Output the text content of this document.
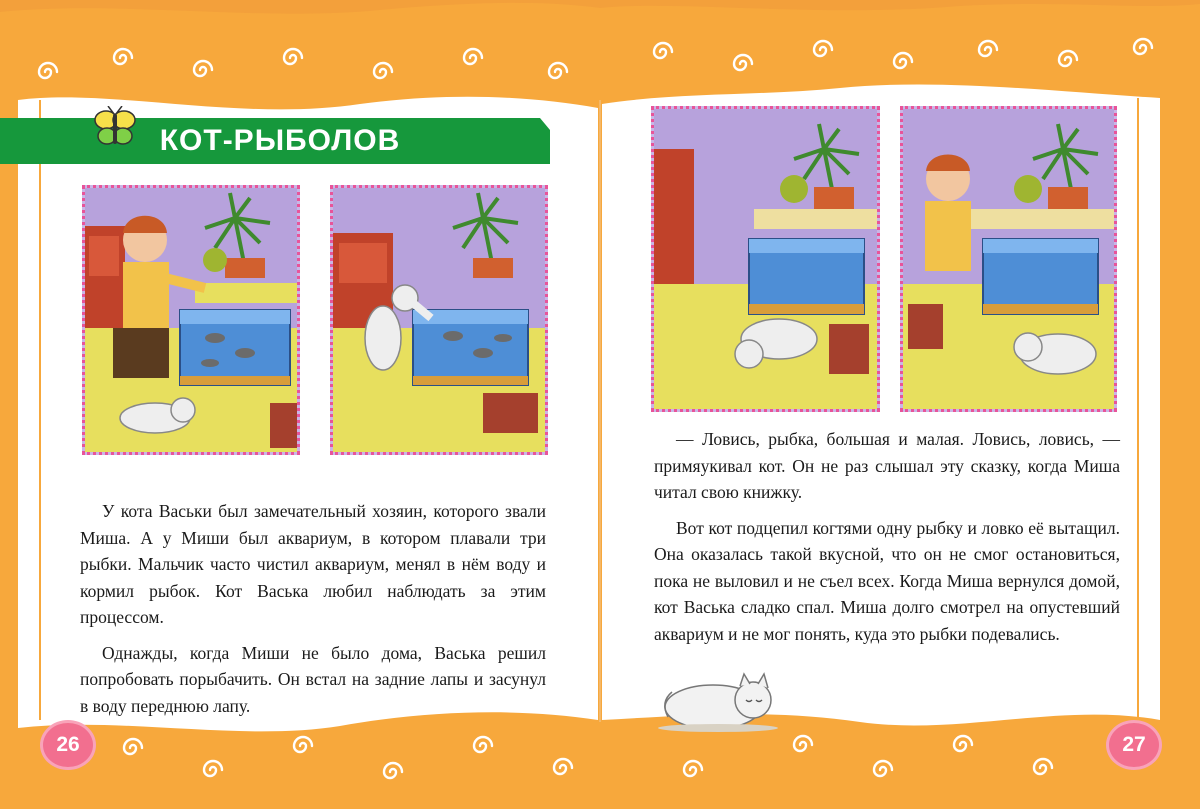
КОТ-РЫБОЛОВ

У кота Васьки был замечательный хозяин, которого звали Миша. А у Миши был аквариум, в котором плавали три рыбки. Мальчик часто чистил аквариум, менял в нём воду и кормил рыбок. Кот Васька любил наблюдать за этим процессом.

Однажды, когда Миши не было дома, Васька решил попробовать порыбачить. Он встал на задние лапы и засунул в воду переднюю лапу.

— Ловись, рыбка, большая и малая. Ловись, ловись, — примяукивал кот. Он не раз слышал эту сказку, когда Миша читал свою книжку.

Вот кот подцепил когтями одну рыбку и ловко её вытащил. Она оказалась такой вкусной, что он не смог остановиться, пока не выловил и не съел всех. Когда Миша вернулся домой, кот Васька сладко спал. Миша долго смотрел на опустевший аквариум и не мог понять, куда это рыбки подевались.

26	27
